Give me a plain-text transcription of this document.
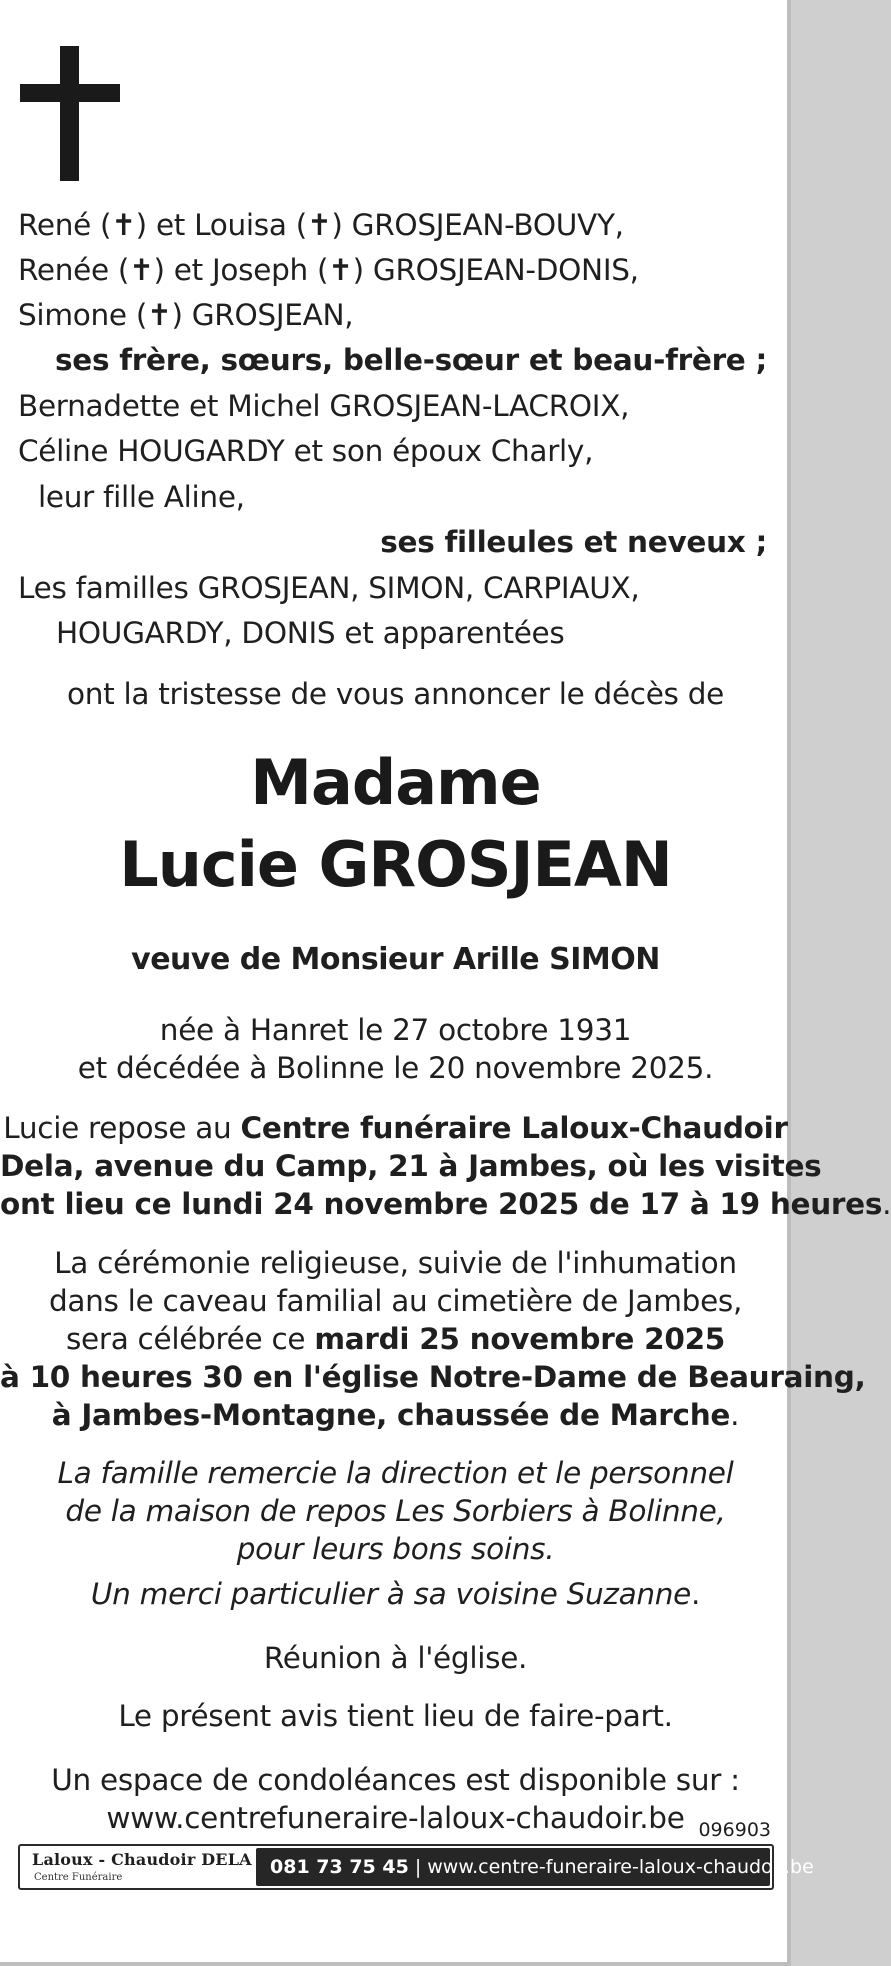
René (✝) et Louisa (✝) GROSJEAN-BOUVY,
Renée (✝) et Joseph (✝) GROSJEAN-DONIS,
Simone (✝) GROSJEAN,
ses frère, sœurs, belle-sœur et beau-frère ;
Bernadette et Michel GROSJEAN-LACROIX,
Céline HOUGARDY et son époux Charly,
leur fille Aline,
ses filleules et neveux ;
Les familles GROSJEAN, SIMON, CARPIAUX,
HOUGARDY, DONIS et apparentées
ont la tristesse de vous annoncer le décès de
Madame
Lucie GROSJEAN
veuve de Monsieur Arille SIMON
née à Hanret le 27 octobre 1931
et décédée à Bolinne le 20 novembre 2025.
Lucie repose au Centre funéraire Laloux-Chaudoir
Dela, avenue du Camp, 21 à Jambes, où les visites
ont lieu ce lundi 24 novembre 2025 de 17 à 19 heures.
La cérémonie religieuse, suivie de l'inhumation
dans le caveau familial au cimetière de Jambes,
sera célébrée ce mardi 25 novembre 2025
à 10 heures 30 en l'église Notre-Dame de Beauraing,
à Jambes-Montagne, chaussée de Marche.
La famille remercie la direction et le personnel
de la maison de repos Les Sorbiers à Bolinne,
pour leurs bons soins.
Un merci particulier à sa voisine Suzanne.
Réunion à l'église.
Le présent avis tient lieu de faire-part.
Un espace de condoléances est disponible sur :
www.centrefuneraire-laloux-chaudoir.be 096903
Laloux - Chaudoir DELA
Centre Funéraire	081 73 75 45 | www.centre-funeraire-laloux-chaudoir.be
